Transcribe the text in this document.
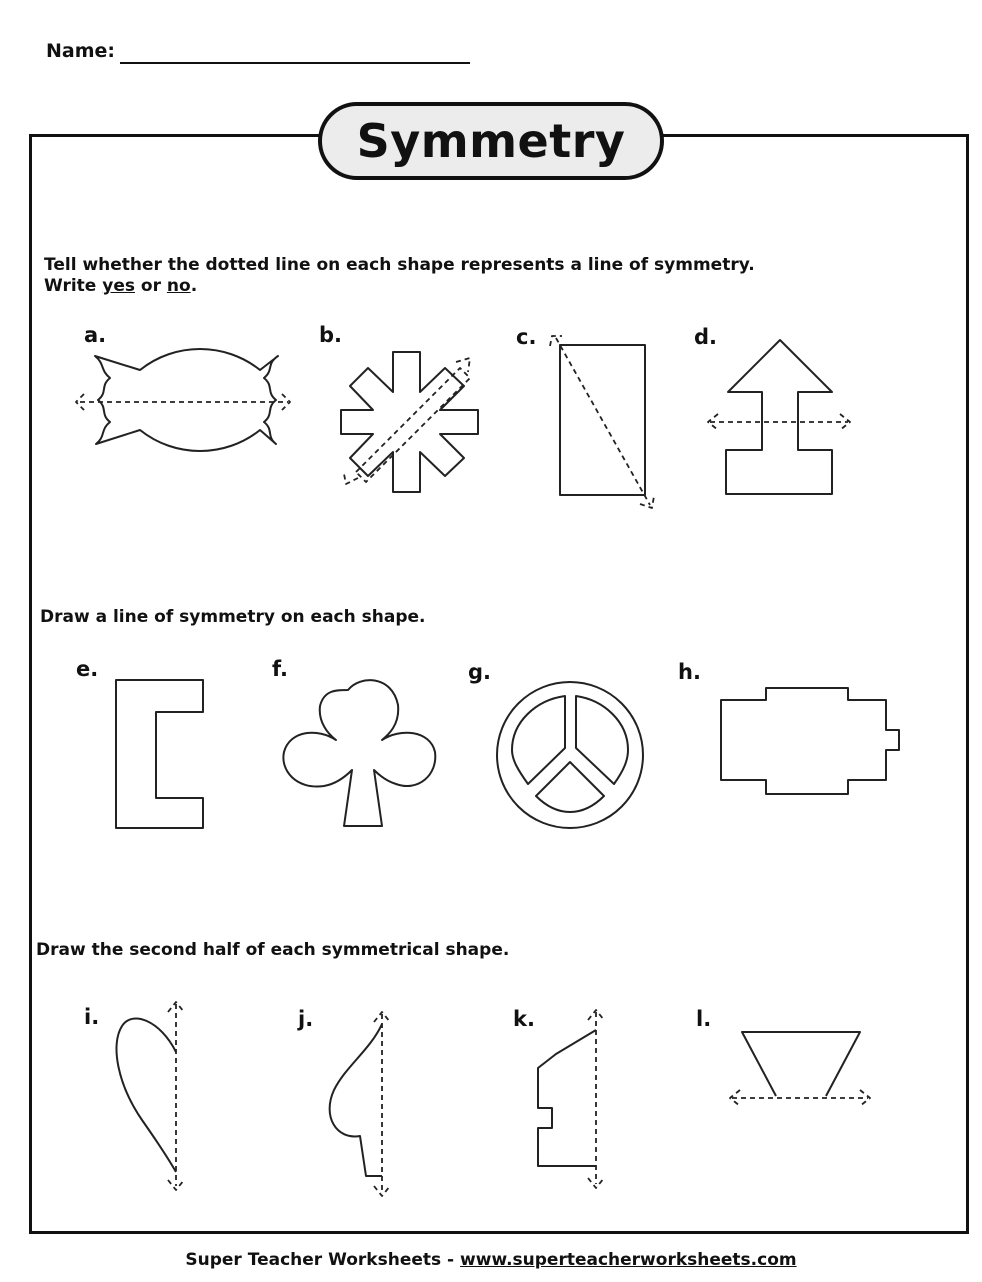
Name:
Symmetry
Tell whether the dotted line on each shape represents a line of symmetry.
Write yes or no.
a.	b.	c.	d.
Draw a line of symmetry on each shape.
e.	f.	g.	h.
Draw the second half of each symmetrical shape.
i.	j.	k.	l.
Super Teacher Worksheets - www.superteacherworksheets.com
